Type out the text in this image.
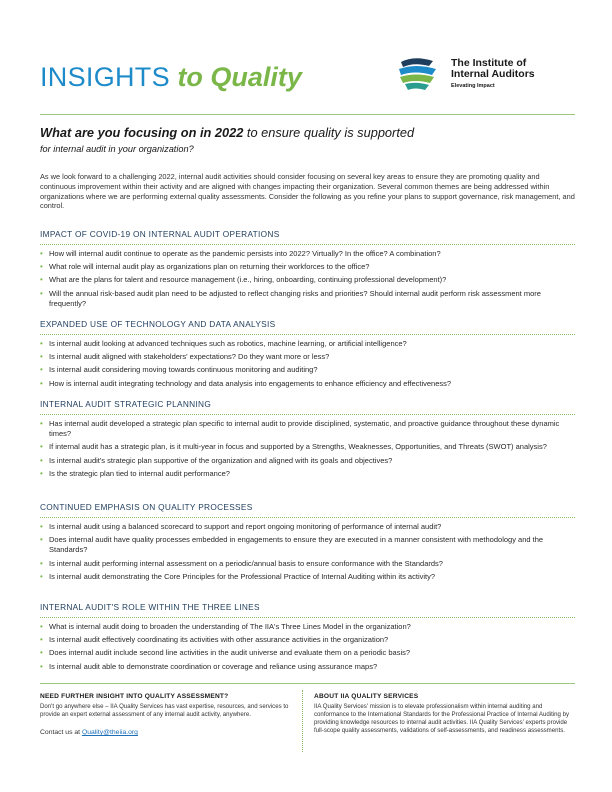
INSIGHTS to Quality	The Institute of
Internal Auditors
Elevating Impact
What are you focusing on in 2022 to ensure quality is supported
for internal audit in your organization?

As we look forward to a challenging 2022, internal audit activities should consider focusing on several key areas to ensure they are promoting quality and continuous improvement within their activity and are aligned with changes impacting their organization. Several common themes are being addressed within organizations where we are performing external quality assessments. Consider the following as you refine your plans to support governance, risk management, and control.

IMPACT OF COVID-19 ON INTERNAL AUDIT OPERATIONS
• How will internal audit continue to operate as the pandemic persists into 2022? Virtually? In the office? A combination?
• What role will internal audit play as organizations plan on returning their workforces to the office?
• What are the plans for talent and resource management (i.e., hiring, onboarding, continuing professional development)?
• Will the annual risk-based audit plan need to be adjusted to reflect changing risks and priorities? Should internal audit perform risk assessment more frequently?
EXPANDED USE OF TECHNOLOGY AND DATA ANALYSIS
• Is internal audit looking at advanced techniques such as robotics, machine learning, or artificial intelligence?
• Is internal audit aligned with stakeholders' expectations? Do they want more or less?
• Is internal audit considering moving towards continuous monitoring and auditing?
• How is internal audit integrating technology and data analysis into engagements to enhance efficiency and effectiveness?
INTERNAL AUDIT STRATEGIC PLANNING
• Has internal audit developed a strategic plan specific to internal audit to provide disciplined, systematic, and proactive guidance throughout these dynamic times?
• If internal audit has a strategic plan, is it multi-year in focus and supported by a Strengths, Weaknesses, Opportunities, and Threats (SWOT) analysis?
• Is internal audit's strategic plan supportive of the organization and aligned with its goals and objectives?
• Is the strategic plan tied to internal audit performance?
CONTINUED EMPHASIS ON QUALITY PROCESSES
• Is internal audit using a balanced scorecard to support and report ongoing monitoring of performance of internal audit?
• Does internal audit have quality processes embedded in engagements to ensure they are executed in a manner consistent with methodology and the Standards?
• Is internal audit performing internal assessment on a periodic/annual basis to ensure conformance with the Standards?
• Is internal audit demonstrating the Core Principles for the Professional Practice of Internal Auditing within its activity?
INTERNAL AUDIT'S ROLE WITHIN THE THREE LINES
• What is internal audit doing to broaden the understanding of The IIA's Three Lines Model in the organization?
• Is internal audit effectively coordinating its activities with other assurance activities in the organization?
• Does internal audit include second line activities in the audit universe and evaluate them on a periodic basis?
• Is internal audit able to demonstrate coordination or coverage and reliance using assurance maps?
NEED FURTHER INSIGHT INTO QUALITY ASSESSMENT?
Don't go anywhere else – IIA Quality Services has vast expertise, resources, and services to provide an expert external assessment of any internal audit activity, anywhere.
Contact us at Quality@theiia.org
ABOUT IIA QUALITY SERVICES
IIA Quality Services' mission is to elevate professionalism within internal auditing and conformance to the International Standards for the Professional Practice of Internal Auditing by providing knowledge resources to internal audit activities. IIA Quality Services' experts provide full-scope quality assessments, validations of self-assessments, and readiness assessments.
